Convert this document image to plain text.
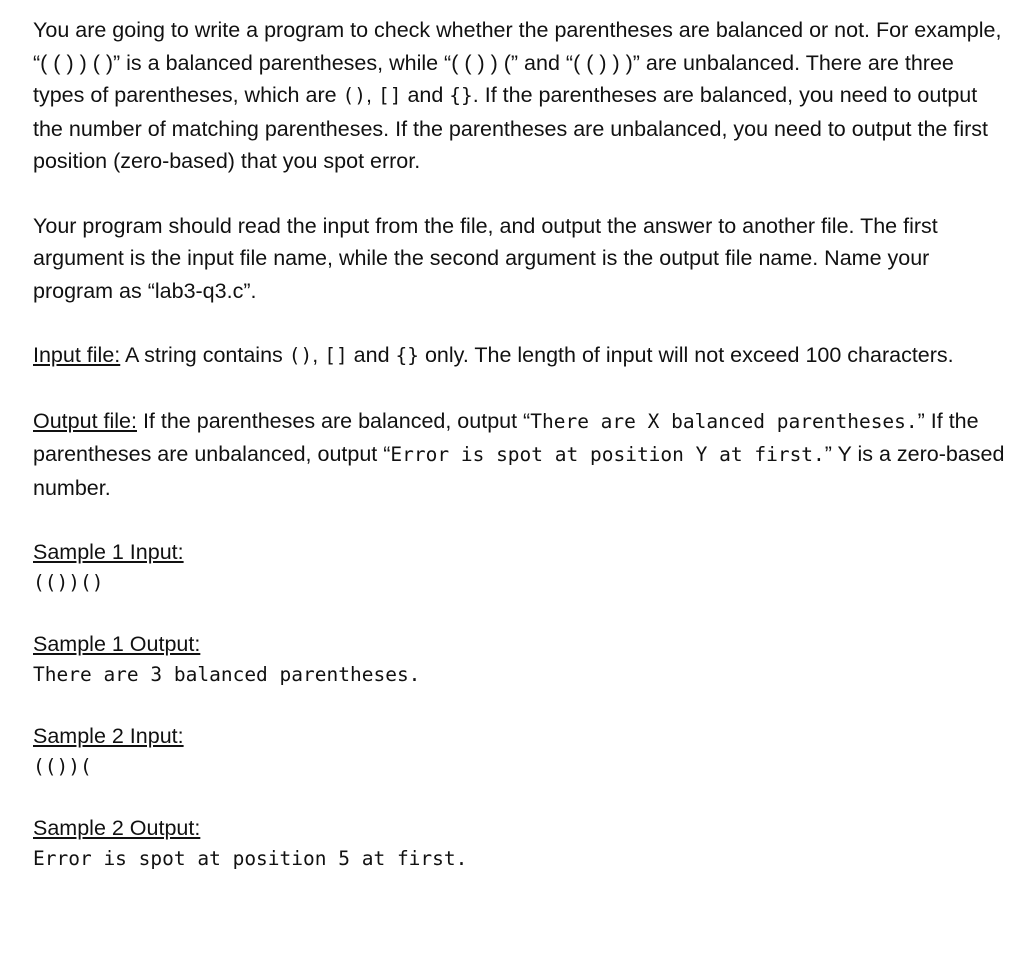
You are going to write a program to check whether the parentheses are balanced or not. For example, “( ( ) ) ( )” is a balanced parentheses, while “( ( ) ) (” and “( ( ) ) )” are unbalanced. There are three types of parentheses, which are (), [] and {}. If the parentheses are balanced, you need to output the number of matching parentheses. If the parentheses are unbalanced, you need to output the first position (zero-based) that you spot error.

Your program should read the input from the file, and output the answer to another file. The first argument is the input file name, while the second argument is the output file name. Name your program as “lab3-q3.c”.

Input file: A string contains (), [] and {} only. The length of input will not exceed 100 characters.

Output file: If the parentheses are balanced, output “There are X balanced parentheses.” If the parentheses are unbalanced, output “Error is spot at position Y at first.” Y is a zero-based number.

Sample 1 Input:
(())()
Sample 1 Output:
There are 3 balanced parentheses.
Sample 2 Input:
(())(
Sample 2 Output:
Error is spot at position 5 at first.
